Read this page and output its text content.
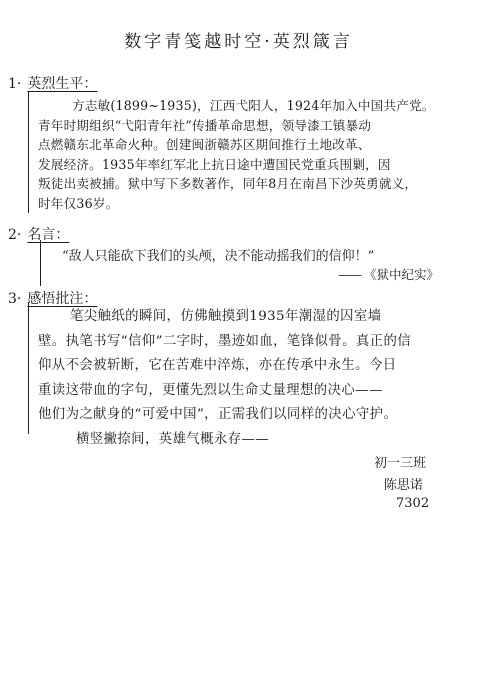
数字青笺越时空·英烈箴言
1· 英烈生平：
方志敏(1899~1935)，江西弋阳人，1924年加入中国共产党。
青年时期组织“弋阳青年社”传播革命思想，领导漆工镇暴动
点燃赣东北革命火种。创建闽浙赣苏区期间推行土地改革、
发展经济。1935年率红军北上抗日途中遭国民党重兵围剿，因
叛徒出卖被捕。狱中写下多数著作，同年8月在南昌下沙英勇就义，
时年仅36岁。
2· 名言：
“敌人只能砍下我们的头颅，决不能动摇我们的信仰！”
—— 《狱中纪实》
3· 感悟批注：
笔尖触纸的瞬间，仿佛触摸到1935年潮湿的囚室墙
壁。执笔书写“信仰”二字时，墨迹如血，笔锋似骨。真正的信
仰从不会被斩断，它在苦难中淬炼，亦在传承中永生。今日
重读这带血的字句，更懂先烈以生命丈量理想的决心——
他们为之献身的“可爱中国”，正需我们以同样的决心守护。
横竖撇捺间，英雄气概永存——
初一三班
陈思诺
7302
